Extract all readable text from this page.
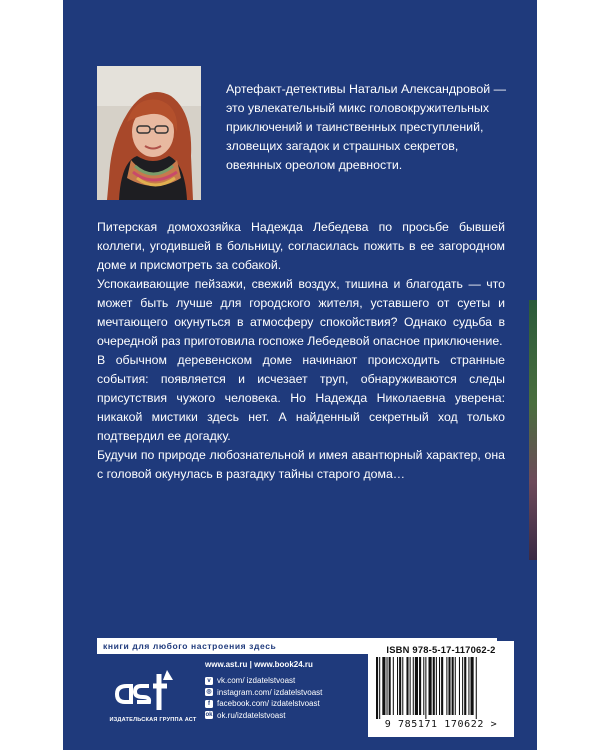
Артефакт-детективы Натальи Александровой — это увлекательный микс головокружительных приключений и таинственных преступлений, зловещих загадок и страшных секретов, овеянных ореолом древности.

Питерская домохозяйка Надежда Лебедева по просьбе бывшей коллеги, угодившей в больницу, согласилась пожить в ее загородном доме и присмотреть за собакой.

Успокаивающие пейзажи, свежий воздух, тишина и благодать — что может быть лучше для городского жителя, уставшего от суеты и мечтающего окунуться в атмосферу спокойствия? Однако судьба в очередной раз приготовила госпоже Лебедевой опасное приключение.

В обычном деревенском доме начинают происходить странные события: появляется и исчезает труп, обнаруживаются следы присутствия чужого человека. Но Надежда Николаевна уверена: никакой мистики здесь нет. А найденный секретный ход только подтвердил ее догадку.

Будучи по природе любознательной и имея авантюрный характер, она с головой окунулась в разгадку тайны старого дома…

книги для любого настроения здесь
ИЗДАТЕЛЬСКАЯ ГРУППА АСТ
www.ast.ru | www.book24.ru
v vk.com/ izdatelstvoast
◎ instagram.com/ izdatelstvoast
f facebook.com/ izdatelstvoast
ok ok.ru/izdatelstvoast
ISBN 978-5-17-117062-2
9 785171 170622 >
